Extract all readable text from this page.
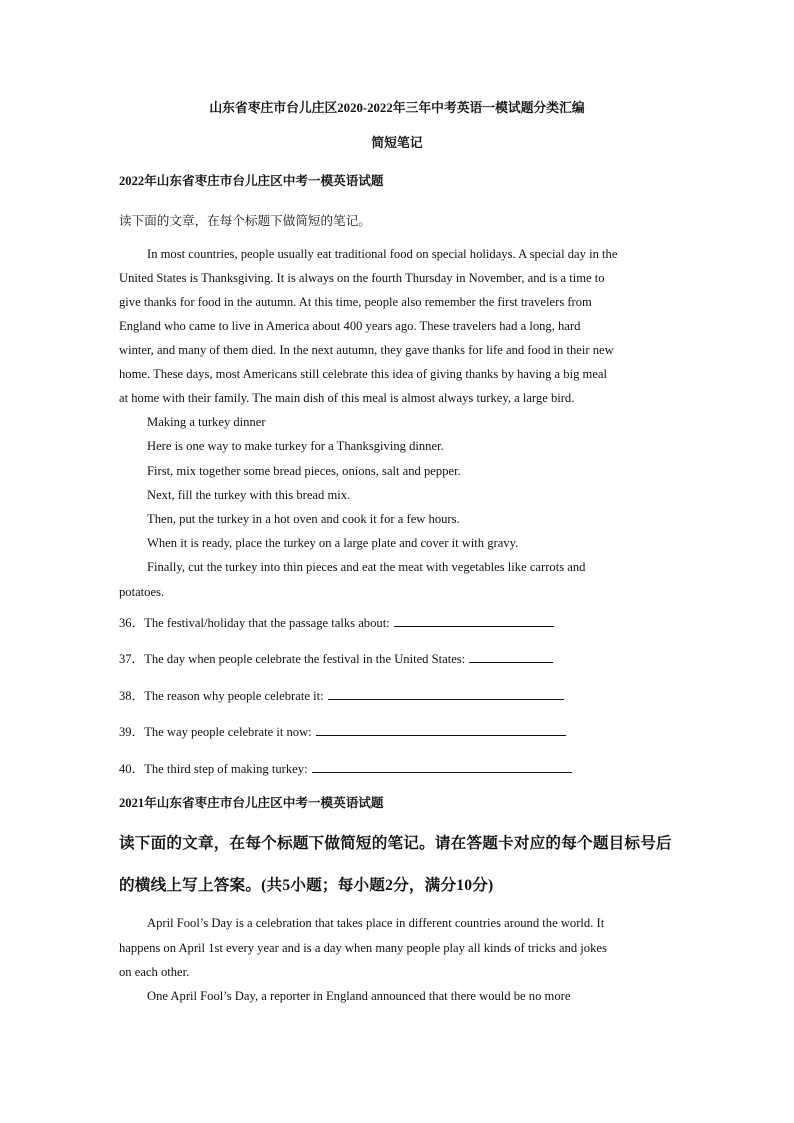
山东省枣庄市台儿庄区2020-2022年三年中考英语一模试题分类汇编
简短笔记
2022年山东省枣庄市台儿庄区中考一模英语试题
读下面的文章，在每个标题下做简短的笔记。
In most countries, people usually eat traditional food on special holidays. A special day in the
United States is Thanksgiving. It is always on the fourth Thursday in November, and is a time to
give thanks for food in the autumn. At this time, people also remember the first travelers from
England who came to live in America about 400 years ago. These travelers had a long, hard
winter, and many of them died. In the next autumn, they gave thanks for life and food in their new
home. These days, most Americans still celebrate this idea of giving thanks by having a big meal
at home with their family. The main dish of this meal is almost always turkey, a large bird.
Making a turkey dinner
Here is one way to make turkey for a Thanksgiving dinner.
First, mix together some bread pieces, onions, salt and pepper.
Next, fill the turkey with this bread mix.
Then, put the turkey in a hot oven and cook it for a few hours.
When it is ready, place the turkey on a large plate and cover it with gravy.
Finally, cut the turkey into thin pieces and eat the meat with vegetables like carrots and
potatoes.
36．The festival/holiday that the passage talks about:
37．The day when people celebrate the festival in the United States:
38．The reason why people celebrate it:
39．The way people celebrate it now:
40．The third step of making turkey:
2021年山东省枣庄市台儿庄区中考一模英语试题
读下面的文章，在每个标题下做简短的笔记。请在答题卡对应的每个题目标号后
的横线上写上答案。(共5小题；每小题2分，满分10分)
April Fool’s Day is a celebration that takes place in different countries around the world. It
happens on April 1st every year and is a day when many people play all kinds of tricks and jokes
on each other.
One April Fool’s Day, a reporter in England announced that there would be no more
